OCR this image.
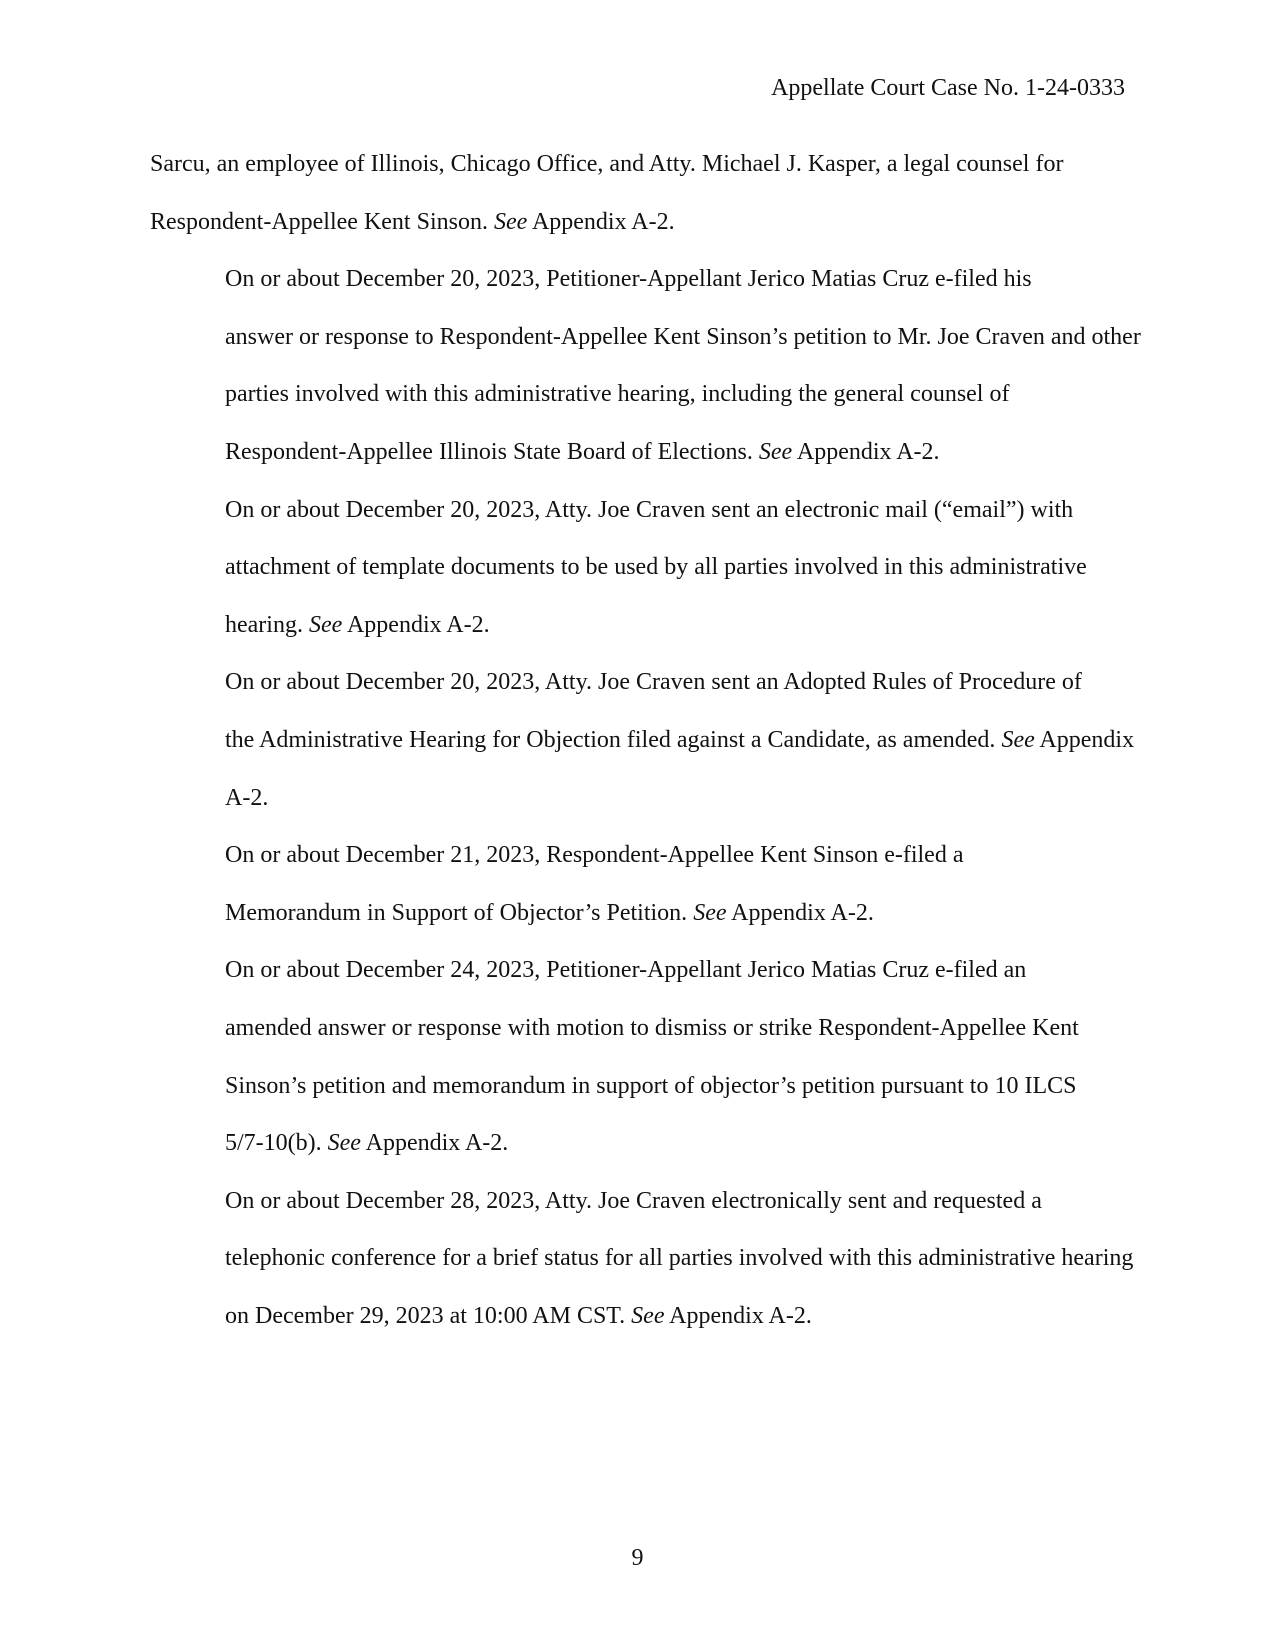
Appellate Court Case No. 1-24-0333

Sarcu, an employee of Illinois, Chicago Office, and Atty. Michael J. Kasper, a legal counsel for
Respondent-Appellee Kent Sinson. See Appendix A-2.

On or about December 20, 2023, Petitioner-Appellant Jerico Matias Cruz e-filed his
answer or response to Respondent-Appellee Kent Sinson’s petition to Mr. Joe Craven and other
parties involved with this administrative hearing, including the general counsel of
Respondent-Appellee Illinois State Board of Elections. See Appendix A-2.

On or about December 20, 2023, Atty. Joe Craven sent an electronic mail (“email”) with
attachment of template documents to be used by all parties involved in this administrative
hearing. See Appendix A-2.

On or about December 20, 2023, Atty. Joe Craven sent an Adopted Rules of Procedure of
the Administrative Hearing for Objection filed against a Candidate, as amended. See Appendix
A-2.

On or about December 21, 2023, Respondent-Appellee Kent Sinson e-filed a
Memorandum in Support of Objector’s Petition. See Appendix A-2.

On or about December 24, 2023, Petitioner-Appellant Jerico Matias Cruz e-filed an
amended answer or response with motion to dismiss or strike Respondent-Appellee Kent
Sinson’s petition and memorandum in support of objector’s petition pursuant to 10 ILCS
5/7-10(b). See Appendix A-2.

On or about December 28, 2023, Atty. Joe Craven electronically sent and requested a
telephonic conference for a brief status for all parties involved with this administrative hearing
on December 29, 2023 at 10:00 AM CST. See Appendix A-2.

9
